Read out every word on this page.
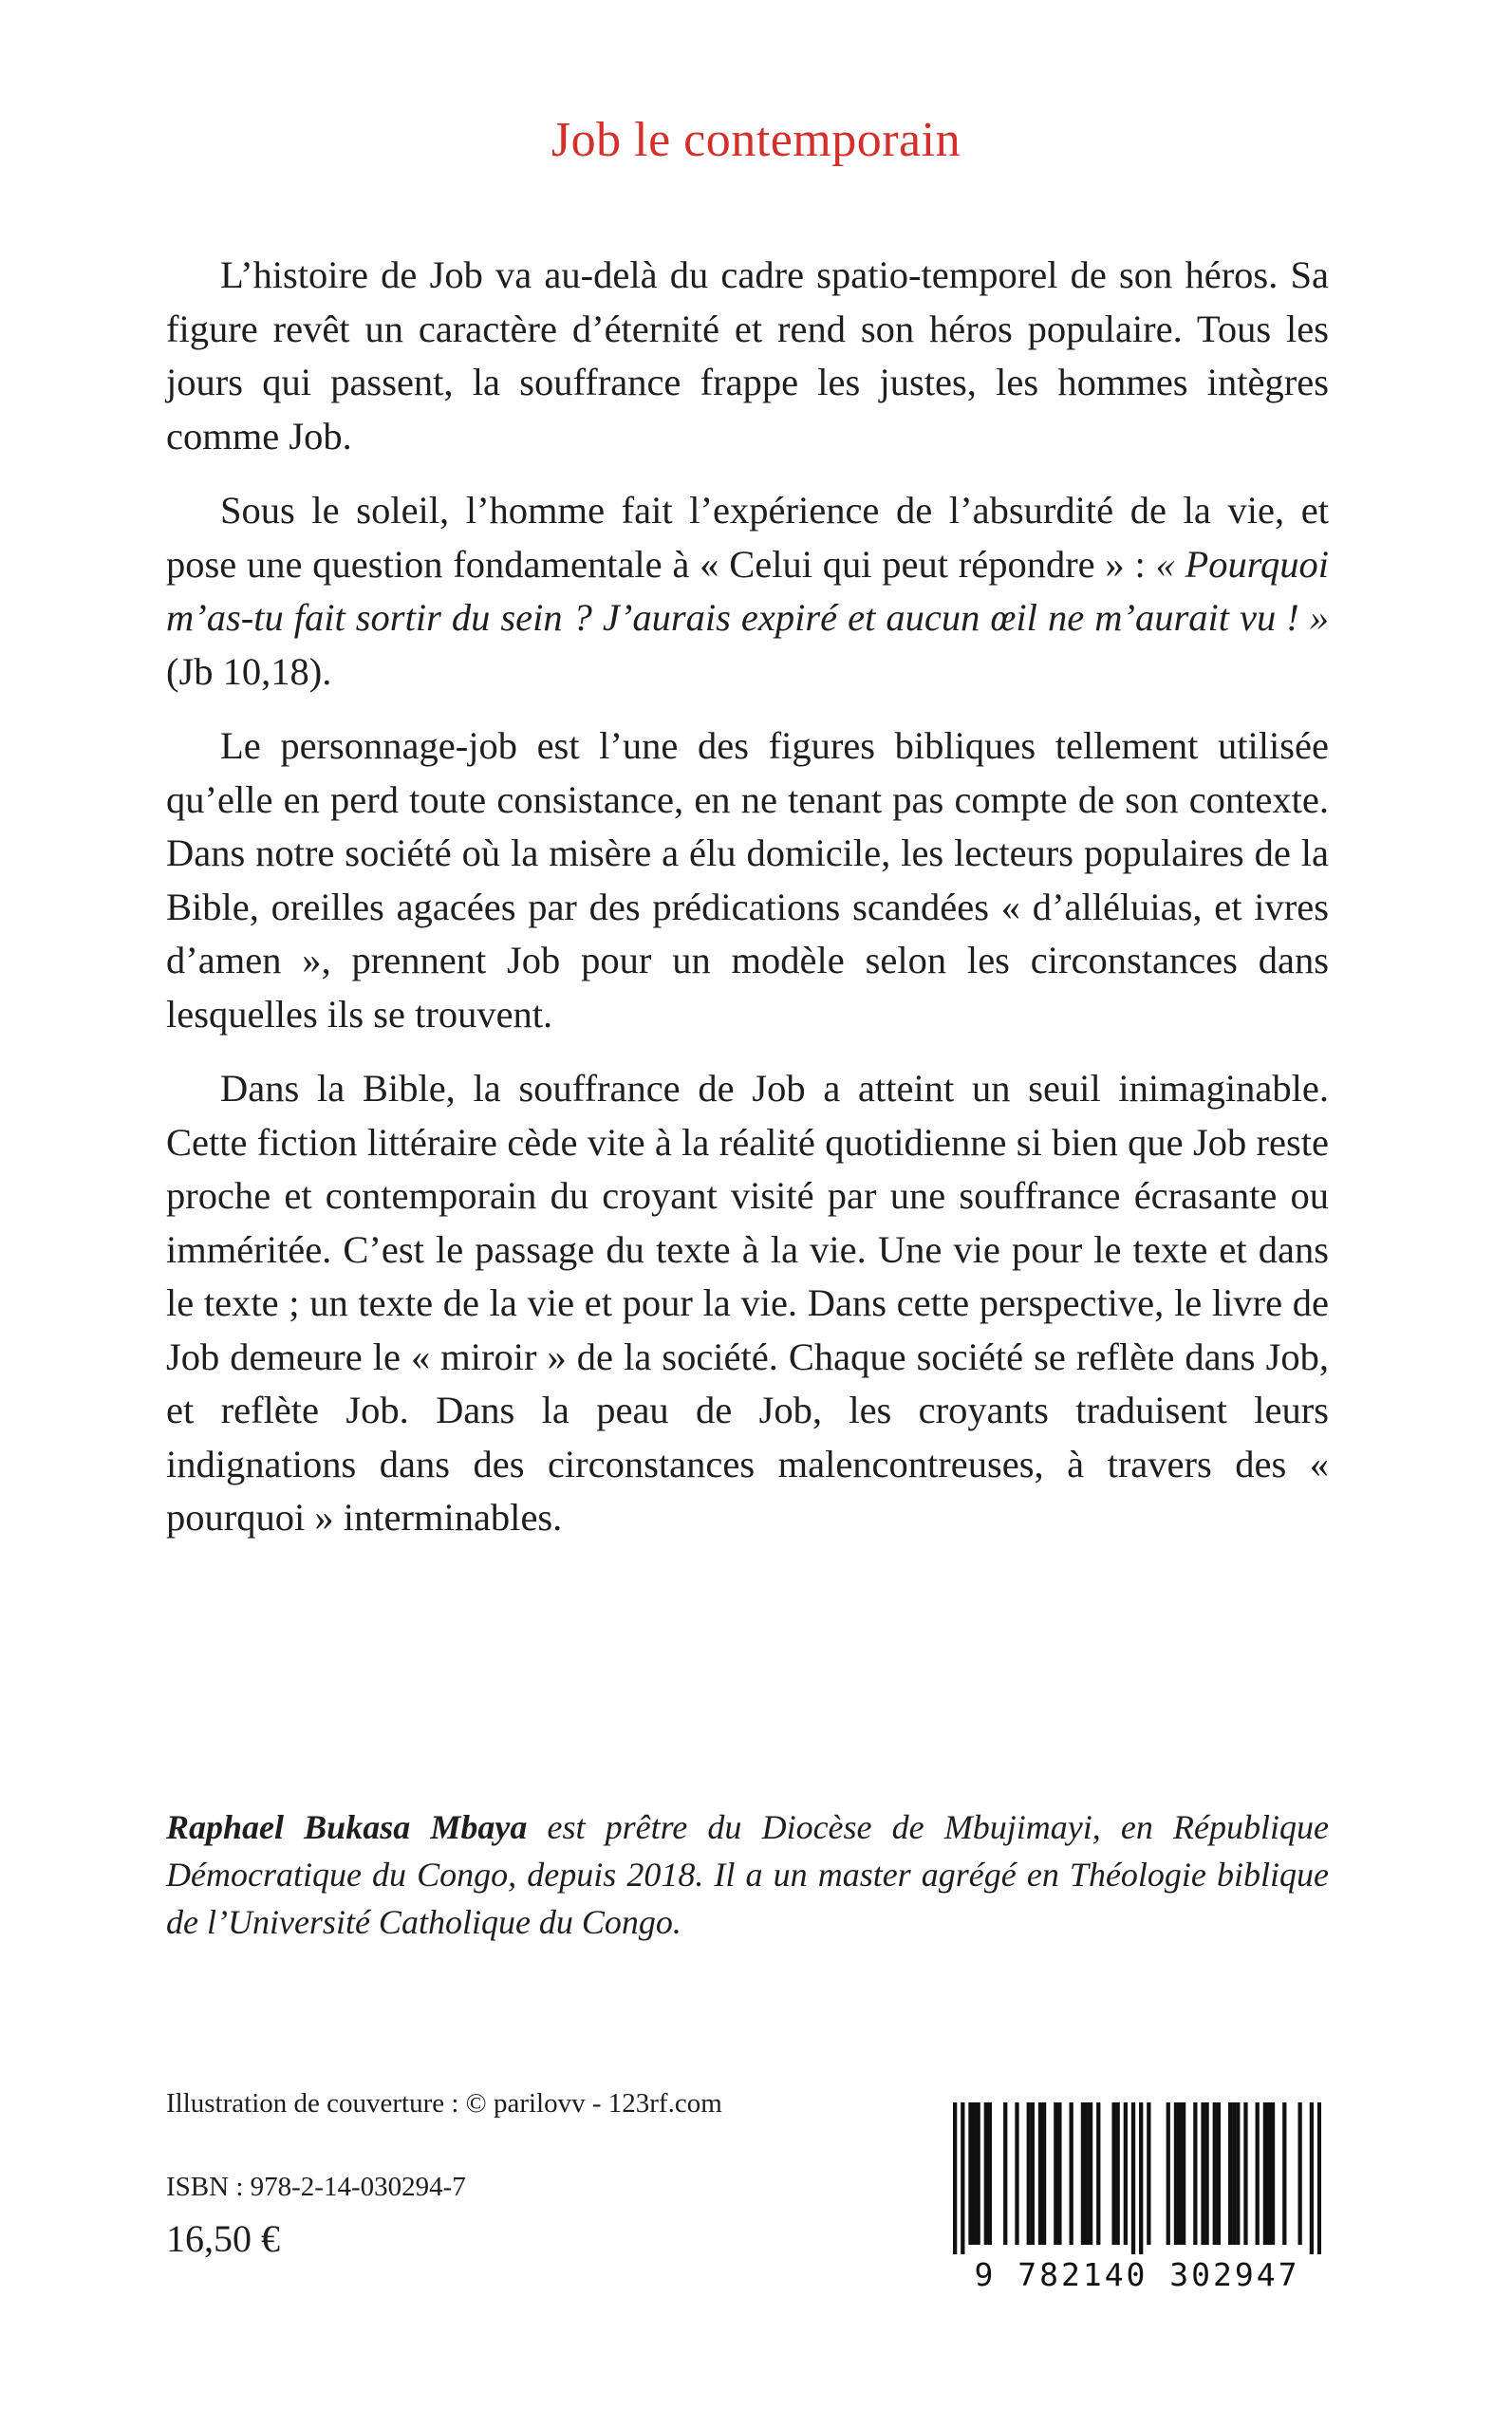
Job le contemporain

L’histoire de Job va au-delà du cadre spatio-temporel de son héros. Sa figure revêt un caractère d’éternité et rend son héros populaire. Tous les jours qui passent, la souffrance frappe les justes, les hommes intègres comme Job.

Sous le soleil, l’homme fait l’expérience de l’absurdité de la vie, et pose une question fondamentale à « Celui qui peut répondre » : « Pourquoi m’as-tu fait sortir du sein ? J’aurais expiré et aucun œil ne m’aurait vu ! » (Jb 10,18).

Le personnage-job est l’une des figures bibliques tellement utilisée qu’elle en perd toute consistance, en ne tenant pas compte de son contexte. Dans notre société où la misère a élu domicile, les lecteurs populaires de la Bible, oreilles agacées par des prédications scandées « d’alléluias, et ivres d’amen », prennent Job pour un modèle selon les circonstances dans lesquelles ils se trouvent.

Dans la Bible, la souffrance de Job a atteint un seuil inimaginable. Cette fiction littéraire cède vite à la réalité quotidienne si bien que Job reste proche et contemporain du croyant visité par une souffrance écrasante ou imméritée. C’est le passage du texte à la vie. Une vie pour le texte et dans le texte ; un texte de la vie et pour la vie. Dans cette perspective, le livre de Job demeure le « miroir » de la société. Chaque société se reflète dans Job, et reflète Job. Dans la peau de Job, les croyants traduisent leurs indignations dans des circonstances malencontreuses, à travers des « pourquoi » interminables.

Raphael Bukasa Mbaya est prêtre du Diocèse de Mbujimayi, en République Démocratique du Congo, depuis 2018. Il a un master agrégé en Théologie biblique de l’Université Catholique du Congo.

Illustration de couverture : © parilovv - 123rf.com

ISBN : 978-2-14-030294-7

16,50 €

9 782140 302947
